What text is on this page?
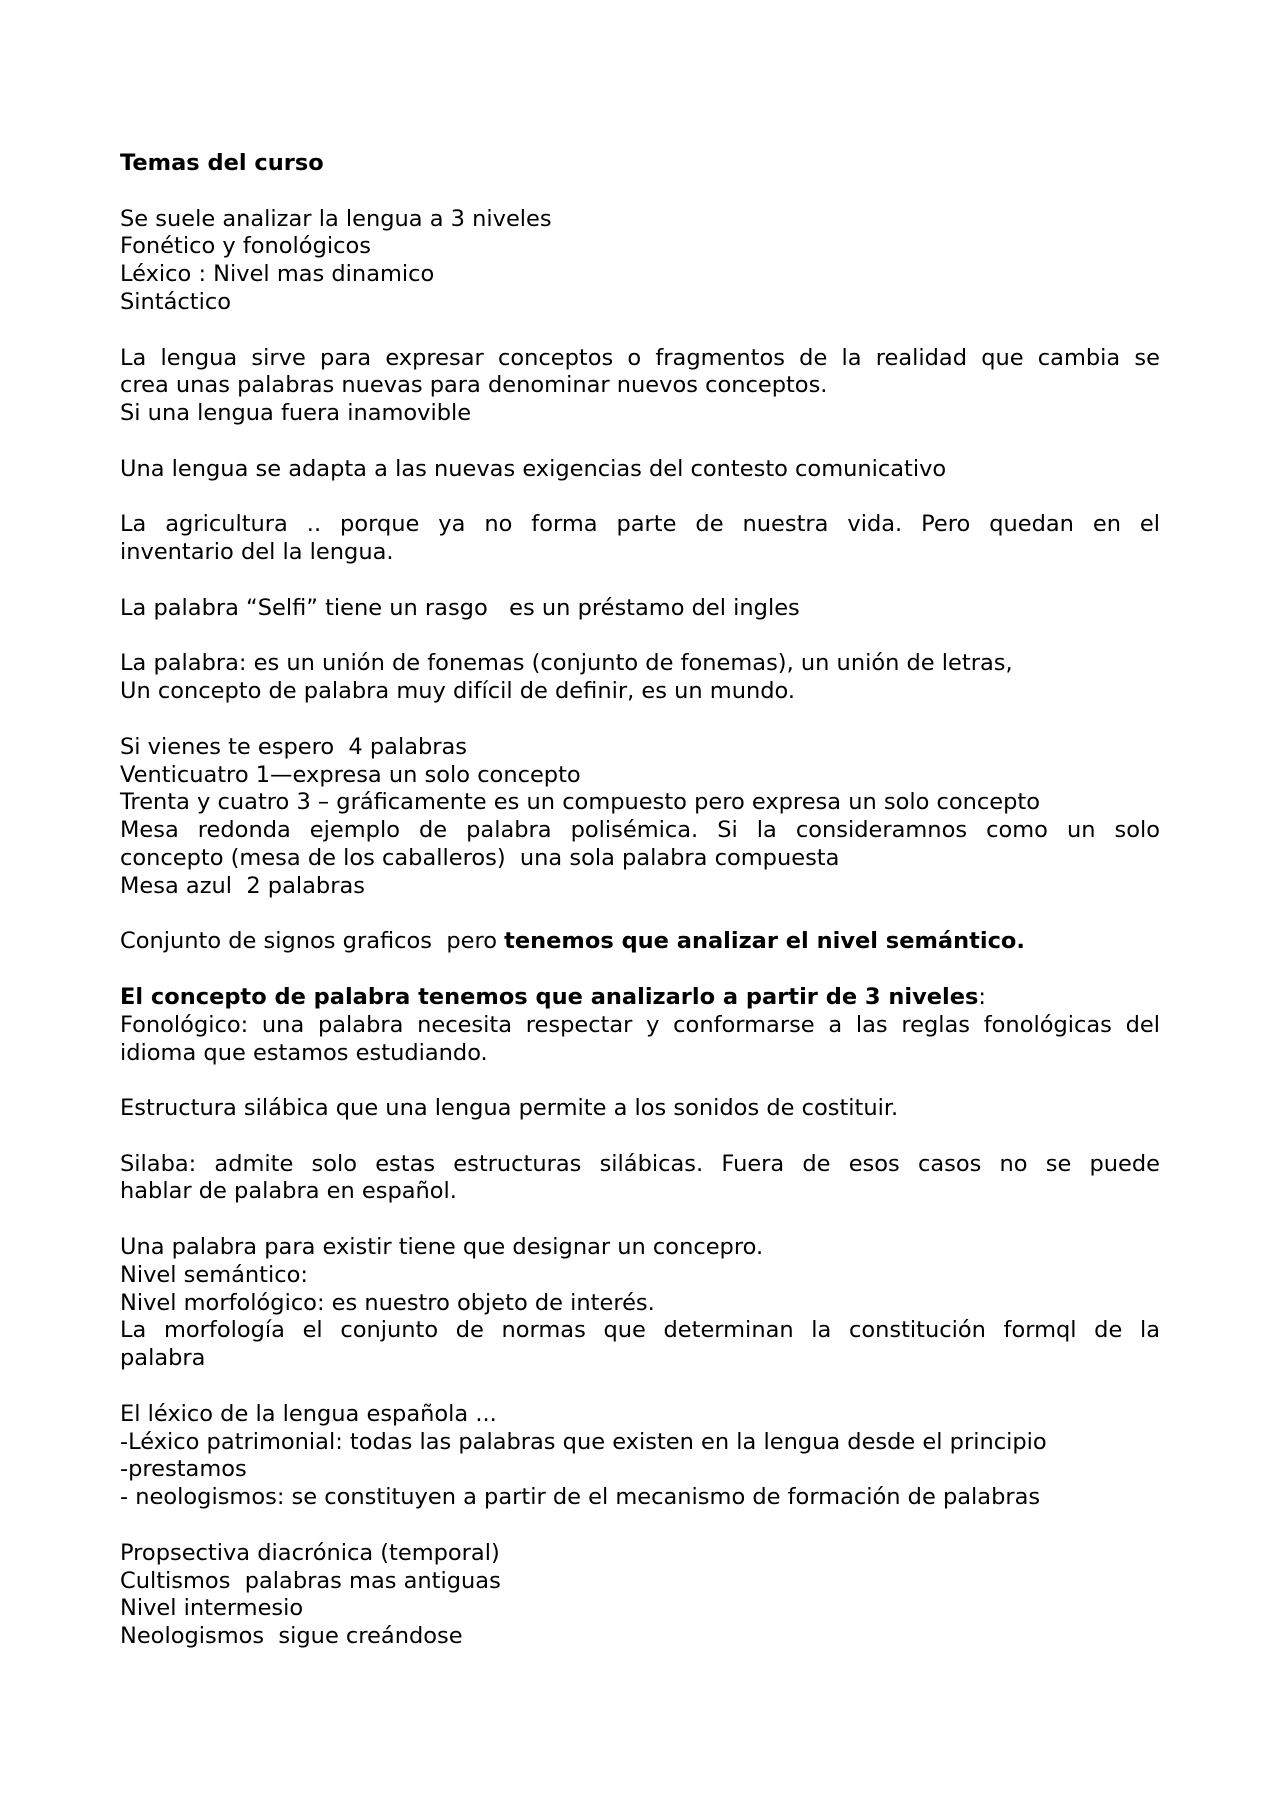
Temas del curso
Se suele analizar la lengua a 3 niveles
Fonético y fonológicos
Léxico : Nivel mas dinamico
Sintáctico
La lengua sirve para expresar conceptos o fragmentos de la realidad que cambia se
crea unas palabras nuevas para denominar nuevos conceptos.
Si una lengua fuera inamovible
Una lengua se adapta a las nuevas exigencias del contesto comunicativo
La agricultura .. porque ya no forma parte de nuestra vida. Pero quedan en el
inventario del la lengua.
La palabra “Selfi” tiene un rasgo   es un préstamo del ingles
La palabra: es un unión de fonemas (conjunto de fonemas), un unión de letras,
Un concepto de palabra muy difícil de definir, es un mundo.
Si vienes te espero  4 palabras
Venticuatro 1—expresa un solo concepto
Trenta y cuatro 3 – gráficamente es un compuesto pero expresa un solo concepto
Mesa redonda ejemplo de palabra polisémica. Si la consideramnos como un solo
concepto (mesa de los caballeros)  una sola palabra compuesta
Mesa azul  2 palabras
Conjunto de signos graficos  pero tenemos que analizar el nivel semántico.
El concepto de palabra tenemos que analizarlo a partir de 3 niveles:
Fonológico: una palabra necesita respectar y conformarse a las reglas fonológicas del
idioma que estamos estudiando.
Estructura silábica que una lengua permite a los sonidos de costituir.
Silaba: admite solo estas estructuras silábicas. Fuera de esos casos no se puede
hablar de palabra en español.
Una palabra para existir tiene que designar un concepro.
Nivel semántico:
Nivel morfológico: es nuestro objeto de interés.
La morfología el conjunto de normas que determinan la constitución formql de la
palabra
El léxico de la lengua española ...
-Léxico patrimonial: todas las palabras que existen en la lengua desde el principio
-prestamos
- neologismos: se constituyen a partir de el mecanismo de formación de palabras
Propsectiva diacrónica (temporal)
Cultismos  palabras mas antiguas
Nivel intermesio
Neologismos  sigue creándose
